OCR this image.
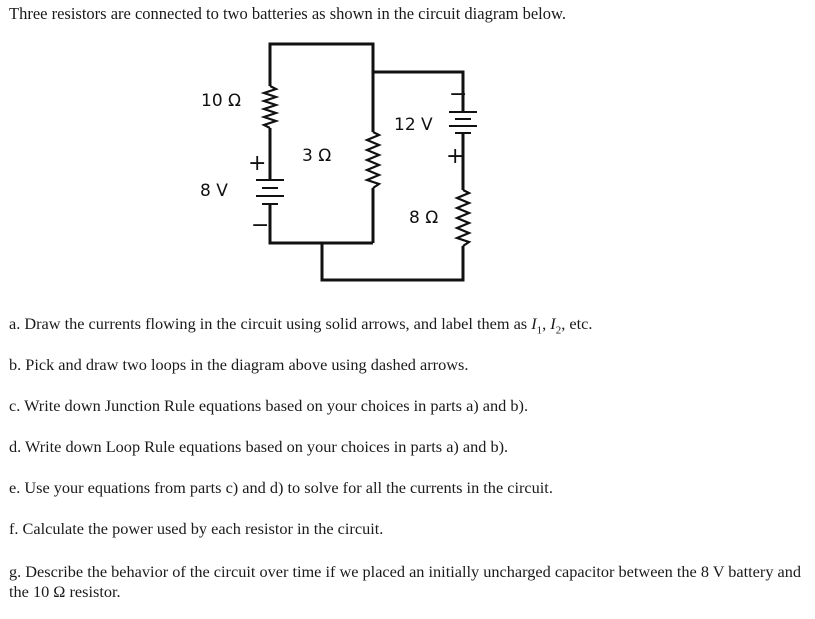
Three resistors are connected to two batteries as shown in the circuit diagram below.

10 Ω
3 Ω
8 Ω
8 V
12 V
+
−
+
−

a. Draw the currents flowing in the circuit using solid arrows, and label them as $I_1$, $I_2$, etc.

b. Pick and draw two loops in the diagram above using dashed arrows.

c. Write down Junction Rule equations based on your choices in parts a) and b).

d. Write down Loop Rule equations based on your choices in parts a) and b).

e. Use your equations from parts c) and d) to solve for all the currents in the circuit.

f. Calculate the power used by each resistor in the circuit.

g. Describe the behavior of the circuit over time if we placed an initially uncharged capacitor between the 8 V battery and the 10 Ω resistor.
